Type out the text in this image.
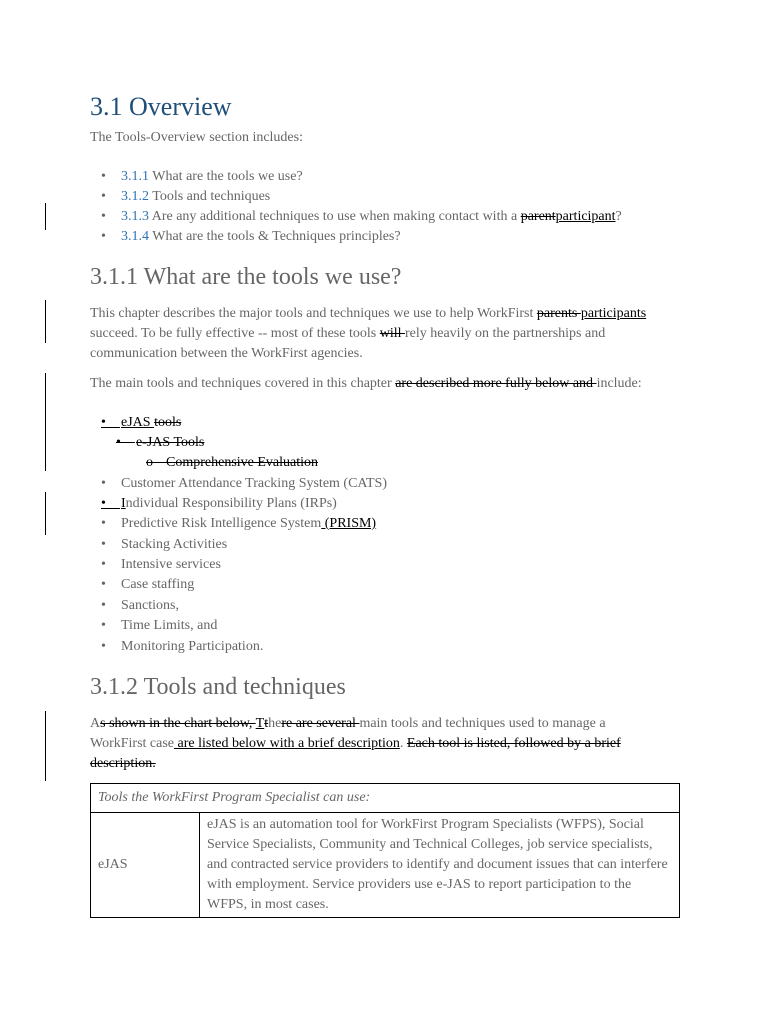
3.1 Overview
The Tools-Overview section includes:
• 3.1.1 What are the tools we use?
• 3.1.2 Tools and techniques
• 3.1.3 Are any additional techniques to use when making contact with a parentparticipant?
• 3.1.4 What are the tools & Techniques principles?
3.1.1 What are the tools we use?
This chapter describes the major tools and techniques we use to help WorkFirst parents participants
succeed. To be fully effective -- most of these tools will rely heavily on the partnerships and
communication between the WorkFirst agencies.
The main tools and techniques covered in this chapter are described more fully below and include:
• eJAS tools
• e-JAS Tools
o Comprehensive Evaluation
• Customer Attendance Tracking System (CATS)
• Individual Responsibility Plans (IRPs)
• Predictive Risk Intelligence System (PRISM)
• Stacking Activities
• Intensive services
• Case staffing
• Sanctions,
• Time Limits, and
• Monitoring Participation.
3.1.2 Tools and techniques
As shown in the chart below, Tthere are several main tools and techniques used to manage a
WorkFirst case are listed below with a brief description. Each tool is listed, followed by a brief
description.
Tools the WorkFirst Program Specialist can use:
eJAS	eJAS is an automation tool for WorkFirst Program Specialists (WFPS), Social Service Specialists, Community and Technical Colleges, job service specialists, and contracted service providers to identify and document issues that can interfere with employment. Service providers use e-JAS to report participation to the WFPS, in most cases.
